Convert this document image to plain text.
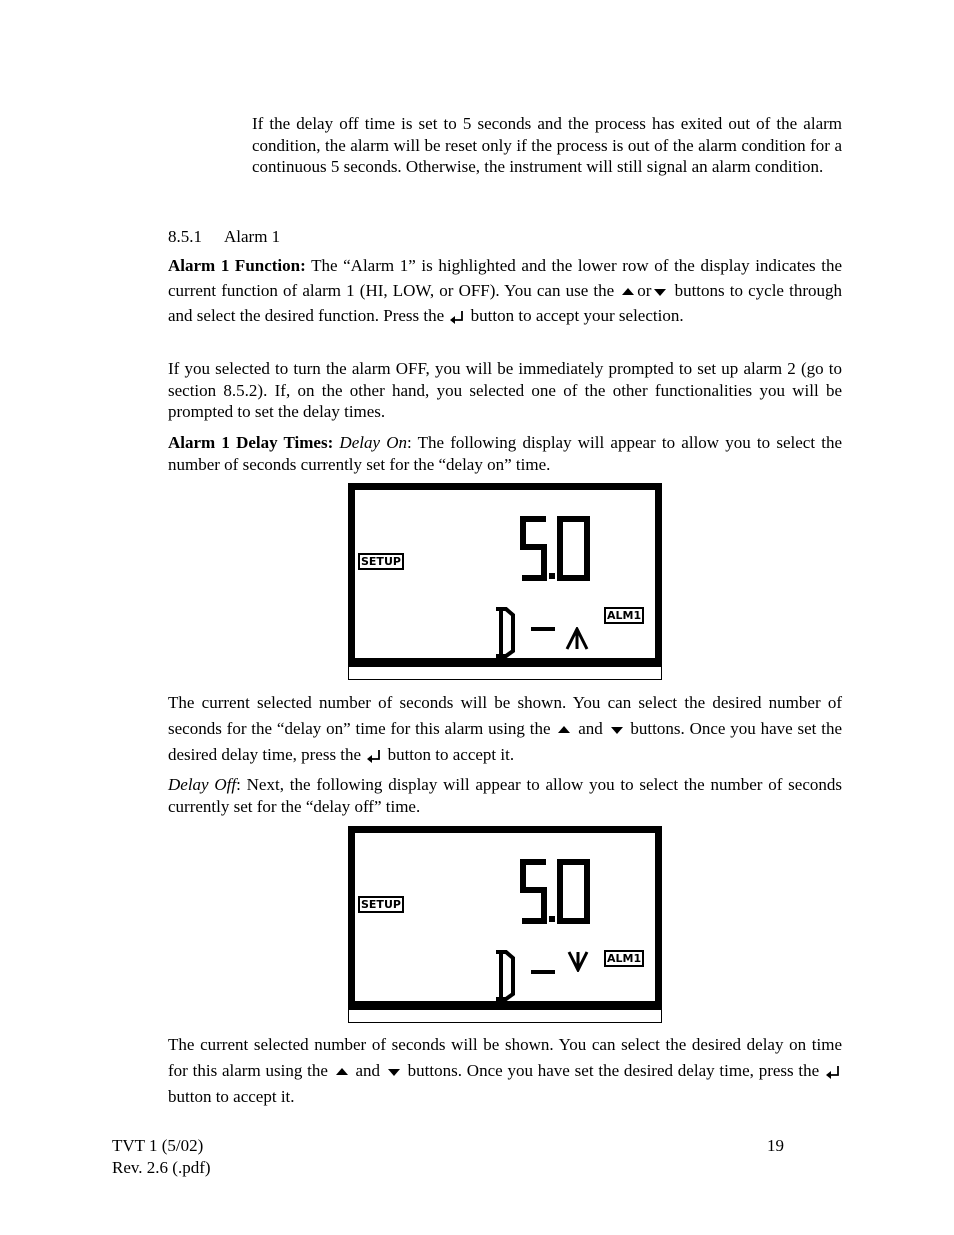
If the delay off time is set to 5 seconds and the process has exited out of the alarm condition, the alarm will be reset only if the process is out of the alarm condition for a continuous 5 seconds. Otherwise, the instrument will still signal an alarm condition.

8.5.1 Alarm 1

Alarm 1 Function: The “Alarm 1” is highlighted and the lower row of the display indicates the current function of alarm 1 (HI, LOW, or OFF). You can use the or buttons to cycle through and select the desired function. Press the  button to accept your selection.

If you selected to turn the alarm OFF, you will be immediately prompted to set up alarm 2 (go to section 8.5.2). If, on the other hand, you selected one of the other functionalities you will be prompted to set the delay times.

Alarm 1 Delay Times: Delay On: The following display will appear to allow you to select the number of seconds currently set for the “delay on” time.

SETUP
ALM1

The current selected number of seconds will be shown. You can select the desired number of seconds for the “delay on” time for this alarm using the  and  buttons. Once you have set the desired delay time, press the  button to accept it.

Delay Off: Next, the following display will appear to allow you to select the number of seconds currently set for the “delay off” time.

SETUP
ALM1

The current selected number of seconds will be shown. You can select the desired delay on time for this alarm using the  and  buttons. Once you have set the desired delay time, press the  button to accept it.

TVT 1 (5/02)
Rev. 2.6 (.pdf)

19
